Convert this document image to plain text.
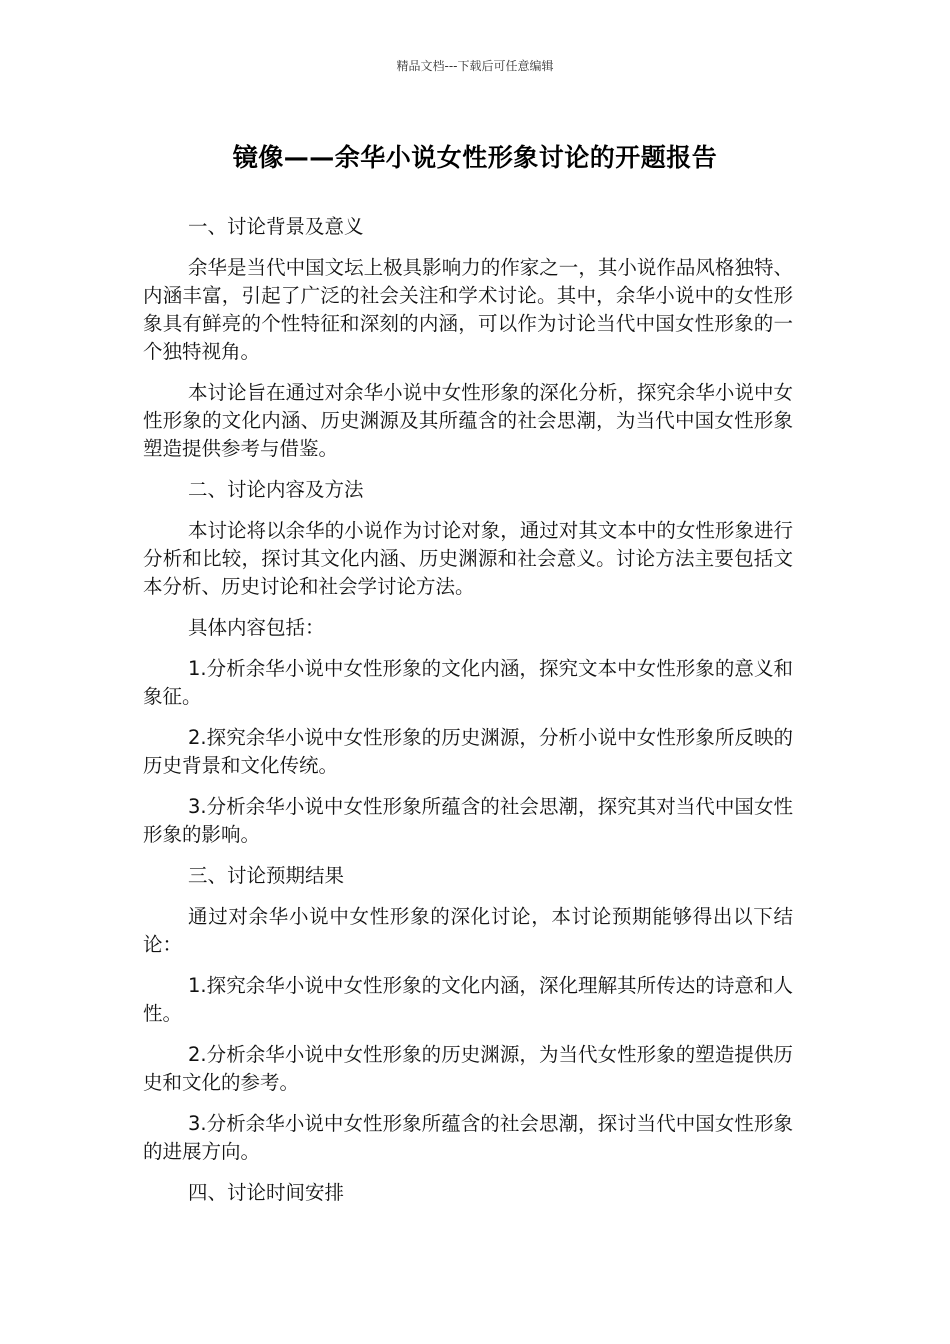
精品文档---下载后可任意编辑
镜像——余华小说女性形象讨论的开题报告

一、讨论背景及意义

余华是当代中国文坛上极具影响力的作家之一，其小说作品风格独特、内涵丰富，引起了广泛的社会关注和学术讨论。其中，余华小说中的女性形象具有鲜亮的个性特征和深刻的内涵，可以作为讨论当代中国女性形象的一个独特视角。

本讨论旨在通过对余华小说中女性形象的深化分析，探究余华小说中女性形象的文化内涵、历史渊源及其所蕴含的社会思潮，为当代中国女性形象塑造提供参考与借鉴。

二、讨论内容及方法

本讨论将以余华的小说作为讨论对象，通过对其文本中的女性形象进行分析和比较，探讨其文化内涵、历史渊源和社会意义。讨论方法主要包括文本分析、历史讨论和社会学讨论方法。

具体内容包括：

1.分析余华小说中女性形象的文化内涵，探究文本中女性形象的意义和象征。

2.探究余华小说中女性形象的历史渊源，分析小说中女性形象所反映的历史背景和文化传统。

3.分析余华小说中女性形象所蕴含的社会思潮，探究其对当代中国女性形象的影响。

三、讨论预期结果

通过对余华小说中女性形象的深化讨论，本讨论预期能够得出以下结论：

1.探究余华小说中女性形象的文化内涵，深化理解其所传达的诗意和人性。

2.分析余华小说中女性形象的历史渊源，为当代女性形象的塑造提供历史和文化的参考。

3.分析余华小说中女性形象所蕴含的社会思潮，探讨当代中国女性形象的进展方向。

四、讨论时间安排
